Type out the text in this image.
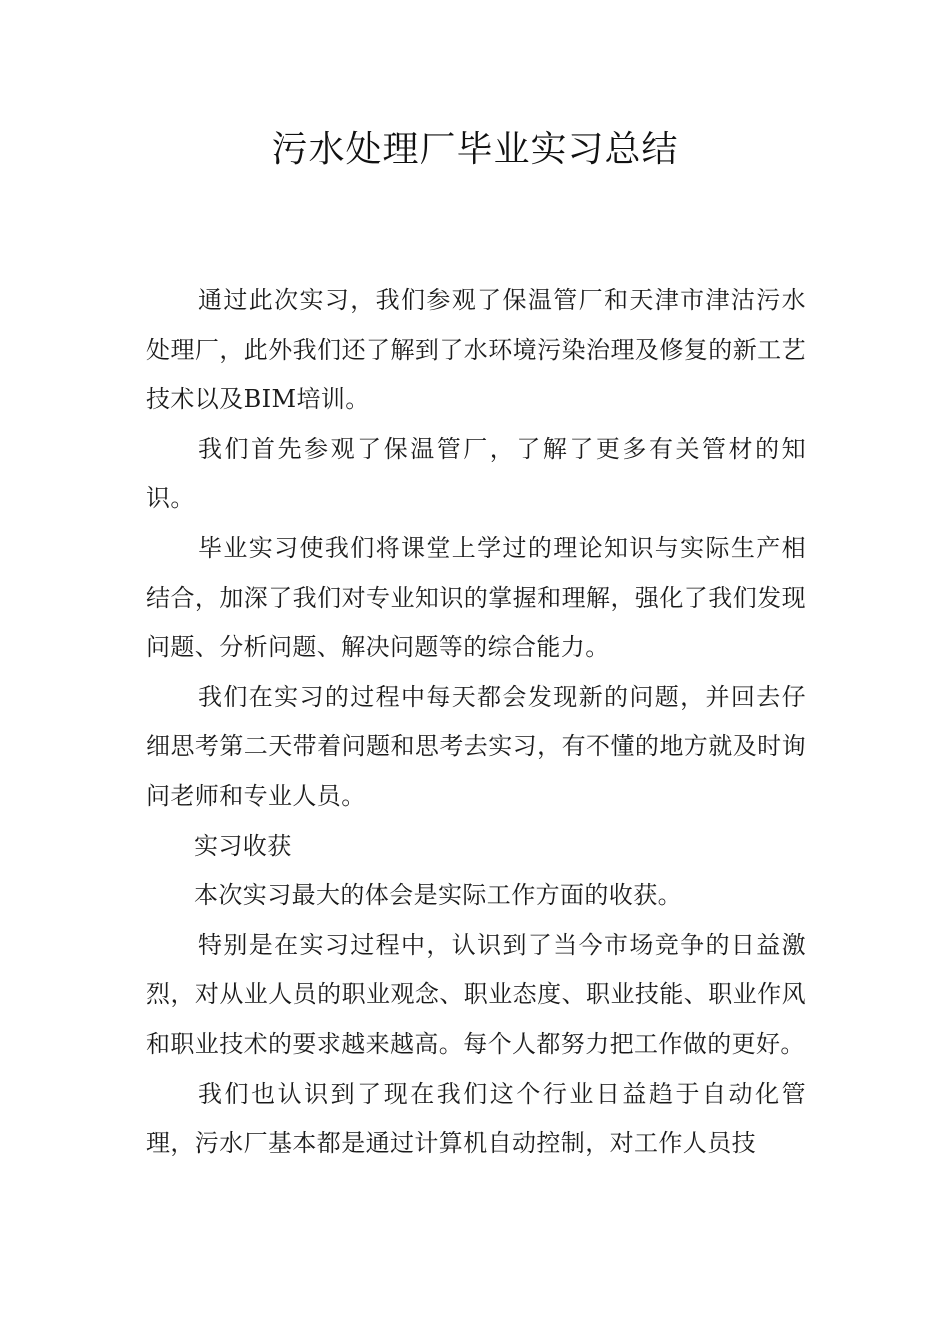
污水处理厂毕业实习总结

通过此次实习，我们参观了保温管厂和天津市津沽污水处理厂，此外我们还了解到了水环境污染治理及修复的新工艺技术以及BIM培训。

我们首先参观了保温管厂，了解了更多有关管材的知识。

毕业实习使我们将课堂上学过的理论知识与实际生产相结合，加深了我们对专业知识的掌握和理解，强化了我们发现问题、分析问题、解决问题等的综合能力。

我们在实习的过程中每天都会发现新的问题，并回去仔细思考第二天带着问题和思考去实习，有不懂的地方就及时询问老师和专业人员。

实习收获

本次实习最大的体会是实际工作方面的收获。

特别是在实习过程中，认识到了当今市场竞争的日益激烈，对从业人员的职业观念、职业态度、职业技能、职业作风和职业技术的要求越来越高。每个人都努力把工作做的更好。

我们也认识到了现在我们这个行业日益趋于自动化管理，污水厂基本都是通过计算机自动控制，对工作人员技
